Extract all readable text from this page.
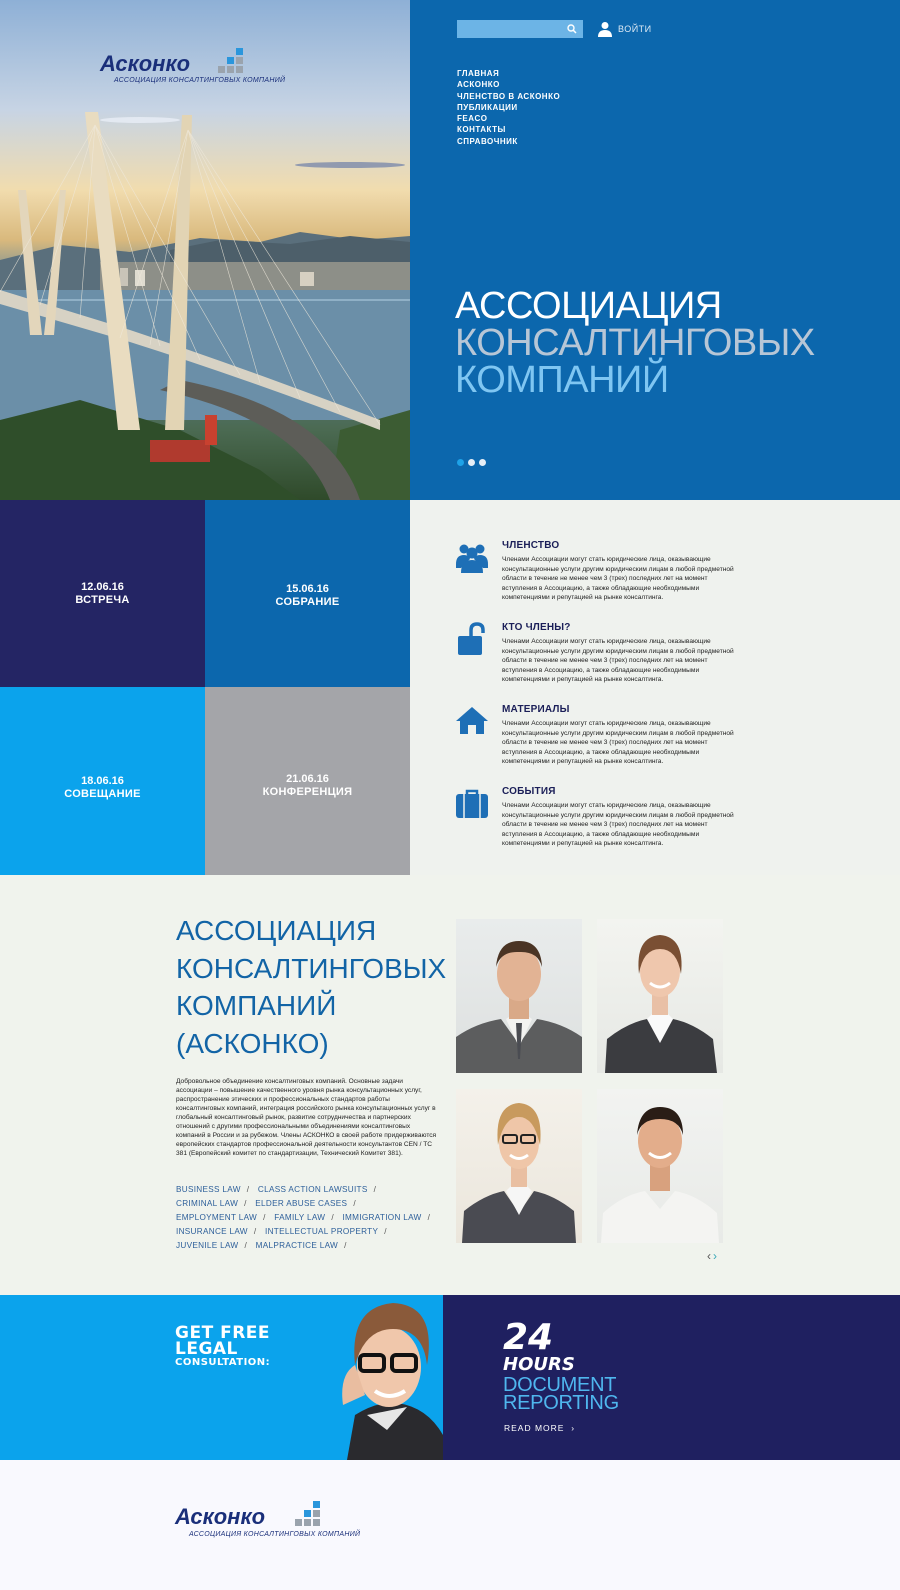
Асконко
АССОЦИАЦИЯ КОНСАЛТИНГОВЫХ КОМПАНИЙ
ВОЙТИ
ГЛАВНАЯ
АСКОНКО
ЧЛЕНСТВО В АСКОНКО
ПУБЛИКАЦИИ
FEACO
КОНТАКТЫ
СПРАВОЧНИК
АССОЦИАЦИЯ
КОНСАЛТИНГОВЫХ
КОМПАНИЙ
12.06.16
ВСТРЕЧА
15.06.16
СОБРАНИЕ
18.06.16
СОВЕЩАНИЕ
21.06.16
КОНФЕРЕНЦИЯ
ЧЛЕНСТВО
Членами Ассоциации могут стать юридические лица, оказывающие консультационные услуги другим юридическим лицам в любой предметной области в течение не менее чем 3 (трех) последних лет на момент вступления в Ассоциацию, а также обладающие необходимыми компетенциями и репутацией на рынке консалтинга.
КТО ЧЛЕНЫ?
Членами Ассоциации могут стать юридические лица, оказывающие консультационные услуги другим юридическим лицам в любой предметной области в течение не менее чем 3 (трех) последних лет на момент вступления в Ассоциацию, а также обладающие необходимыми компетенциями и репутацией на рынке консалтинга.
МАТЕРИАЛЫ
Членами Ассоциации могут стать юридические лица, оказывающие консультационные услуги другим юридическим лицам в любой предметной области в течение не менее чем 3 (трех) последних лет на момент вступления в Ассоциацию, а также обладающие необходимыми компетенциями и репутацией на рынке консалтинга.
СОБЫТИЯ
Членами Ассоциации могут стать юридические лица, оказывающие консультационные услуги другим юридическим лицам в любой предметной области в течение не менее чем 3 (трех) последних лет на момент вступления в Ассоциацию, а также обладающие необходимыми компетенциями и репутацией на рынке консалтинга.
АССОЦИАЦИЯ
КОНСАЛТИНГОВЫХ
КОМПАНИЙ
(АСКОНКО)
Добровольное объединение консалтинговых компаний. Основные задачи ассоциации – повышение качественного уровня рынка консультационных услуг, распространение этических и профессиональных стандартов работы консалтинговых компаний, интеграция российского рынка консультационных услуг в глобальный консалтинговый рынок, развитие сотрудничества и партнерских отношений с другими профессиональными объединениями консалтинговых компаний в России и за рубежом. Члены АСКОНКО в своей работе придерживаются европейских стандартов профессиональной деятельности консультантов CEN / TC 381 (Европейский комитет по стандартизации, Технический Комитет 381).
BUSINESS LAW / CLASS ACTION LAWSUITS /
CRIMINAL LAW / ELDER ABUSE CASES /
EMPLOYMENT LAW / FAMILY LAW / IMMIGRATION LAW /
INSURANCE LAW / INTELLECTUAL PROPERTY /
JUVENILE LAW / MALPRACTICE LAW /
‹ ›
GET FREE
LEGAL
CONSULTATION:
24
HOURS
DOCUMENT
REPORTING
READ MORE  ›
Асконко
АССОЦИАЦИЯ КОНСАЛТИНГОВЫХ КОМПАНИЙ
